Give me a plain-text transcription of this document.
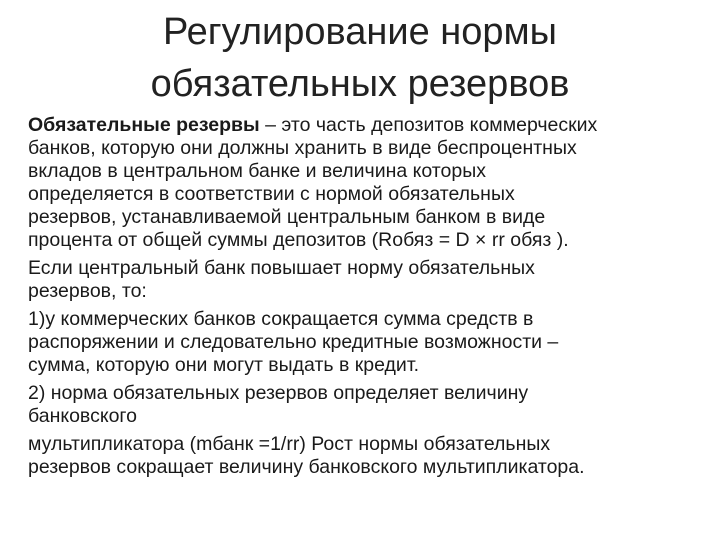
Регулирование нормы
обязательных резервов
Обязательные резервы – это часть депозитов коммерческих
банков, которую они должны хранить в виде беспроцентных
вкладов в центральном банке и величина которых
определяется в соответствии с нормой обязательных
резервов, устанавливаемой центральным банком в виде
процента от общей суммы депозитов (Rобяз = D × rr обяз ).
Если центральный банк повышает норму обязательных
резервов, то:
1)у коммерческих банков сокращается сумма средств в
распоряжении и следовательно кредитные возможности –
сумма, которую они могут выдать в кредит.
2) норма обязательных резервов определяет величину
банковского
мультипликатора (mбанк =1/rr) Рост нормы обязательных
резервов сокращает величину банковского мультипликатора.
